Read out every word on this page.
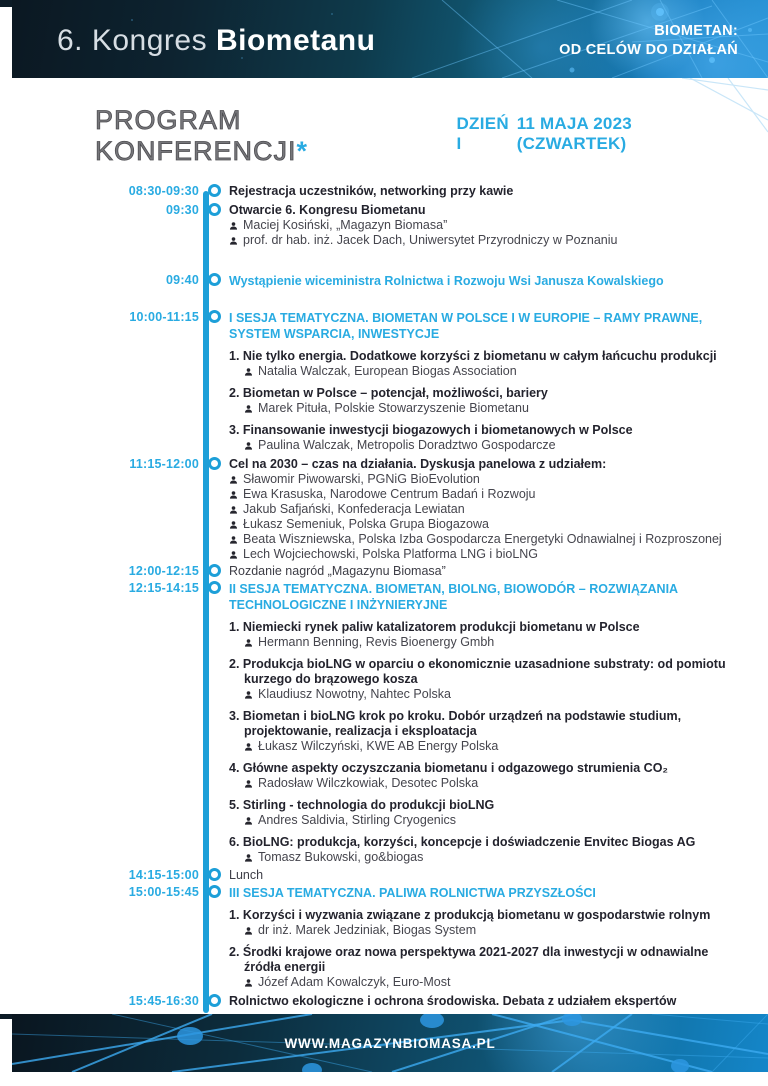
6. Kongres Biometanu	BIOMETAN:
OD CELÓW DO DZIAŁAŃ
PROGRAM KONFERENCJI*
DZIEŃ I
11 MAJA 2023 (CZWARTEK)
08:30-09:30 Rejestracja uczestników, networking przy kawie
09:30 Otwarcie 6. Kongresu Biometanu
Maciej Kosiński, „Magazyn Biomasa”
prof. dr hab. inż. Jacek Dach, Uniwersytet Przyrodniczy w Poznaniu
09:40 Wystąpienie wiceministra Rolnictwa i Rozwoju Wsi Janusza Kowalskiego
10:00-11:15 I SESJA TEMATYCZNA. BIOMETAN W POLSCE I W EUROPIE – RAMY PRAWNE, SYSTEM WSPARCIA, INWESTYCJE
1. Nie tylko energia. Dodatkowe korzyści z biometanu w całym łańcuchu produkcji
Natalia Walczak, European Biogas Association
2. Biometan w Polsce – potencjał, możliwości, bariery
Marek Pituła, Polskie Stowarzyszenie Biometanu
3. Finansowanie inwestycji biogazowych i biometanowych w Polsce
Paulina Walczak, Metropolis Doradztwo Gospodarcze
11:15-12:00 Cel na 2030 – czas na działania. Dyskusja panelowa z udziałem:
Sławomir Piwowarski, PGNiG BioEvolution
Ewa Krasuska, Narodowe Centrum Badań i Rozwoju
Jakub Safjański, Konfederacja Lewiatan
Łukasz Semeniuk, Polska Grupa Biogazowa
Beata Wiszniewska, Polska Izba Gospodarcza Energetyki Odnawialnej i Rozproszonej
Lech Wojciechowski, Polska Platforma LNG i bioLNG
12:00-12:15 Rozdanie nagród „Magazynu Biomasa”
12:15-14:15 II SESJA TEMATYCZNA. BIOMETAN, BIOLNG, BIOWODÓR – ROZWIĄZANIA TECHNOLOGICZNE I INŻYNIERYJNE
1. Niemiecki rynek paliw katalizatorem produkcji biometanu w Polsce
Hermann Benning, Revis Bioenergy Gmbh
2. Produkcja bioLNG w oparciu o ekonomicznie uzasadnione substraty: od pomiotu kurzego do brązowego kosza
Klaudiusz Nowotny, Nahtec Polska
3. Biometan i bioLNG krok po kroku. Dobór urządzeń na podstawie studium, projektowanie, realizacja i eksploatacja
Łukasz Wilczyński, KWE AB Energy Polska
4. Główne aspekty oczyszczania biometanu i odgazowego strumienia CO₂
Radosław Wilczkowiak, Desotec Polska
5. Stirling - technologia do produkcji bioLNG
Andres Saldivia, Stirling Cryogenics
6. BioLNG: produkcja, korzyści, koncepcje i doświadczenie Envitec Biogas AG
Tomasz Bukowski, go&biogas
14:15-15:00 Lunch
15:00-15:45 III SESJA TEMATYCZNA. PALIWA ROLNICTWA PRZYSZŁOŚCI
1. Korzyści i wyzwania związane z produkcją biometanu w gospodarstwie rolnym
dr inż. Marek Jedziniak, Biogas System
2. Środki krajowe oraz nowa perspektywa 2021-2027 dla inwestycji w odnawialne źródła energii
Józef Adam Kowalczyk, Euro-Most
15:45-16:30 Rolnictwo ekologiczne i ochrona środowiska. Debata z udziałem ekspertów
WWW.MAGAZYNBIOMASA.PL
